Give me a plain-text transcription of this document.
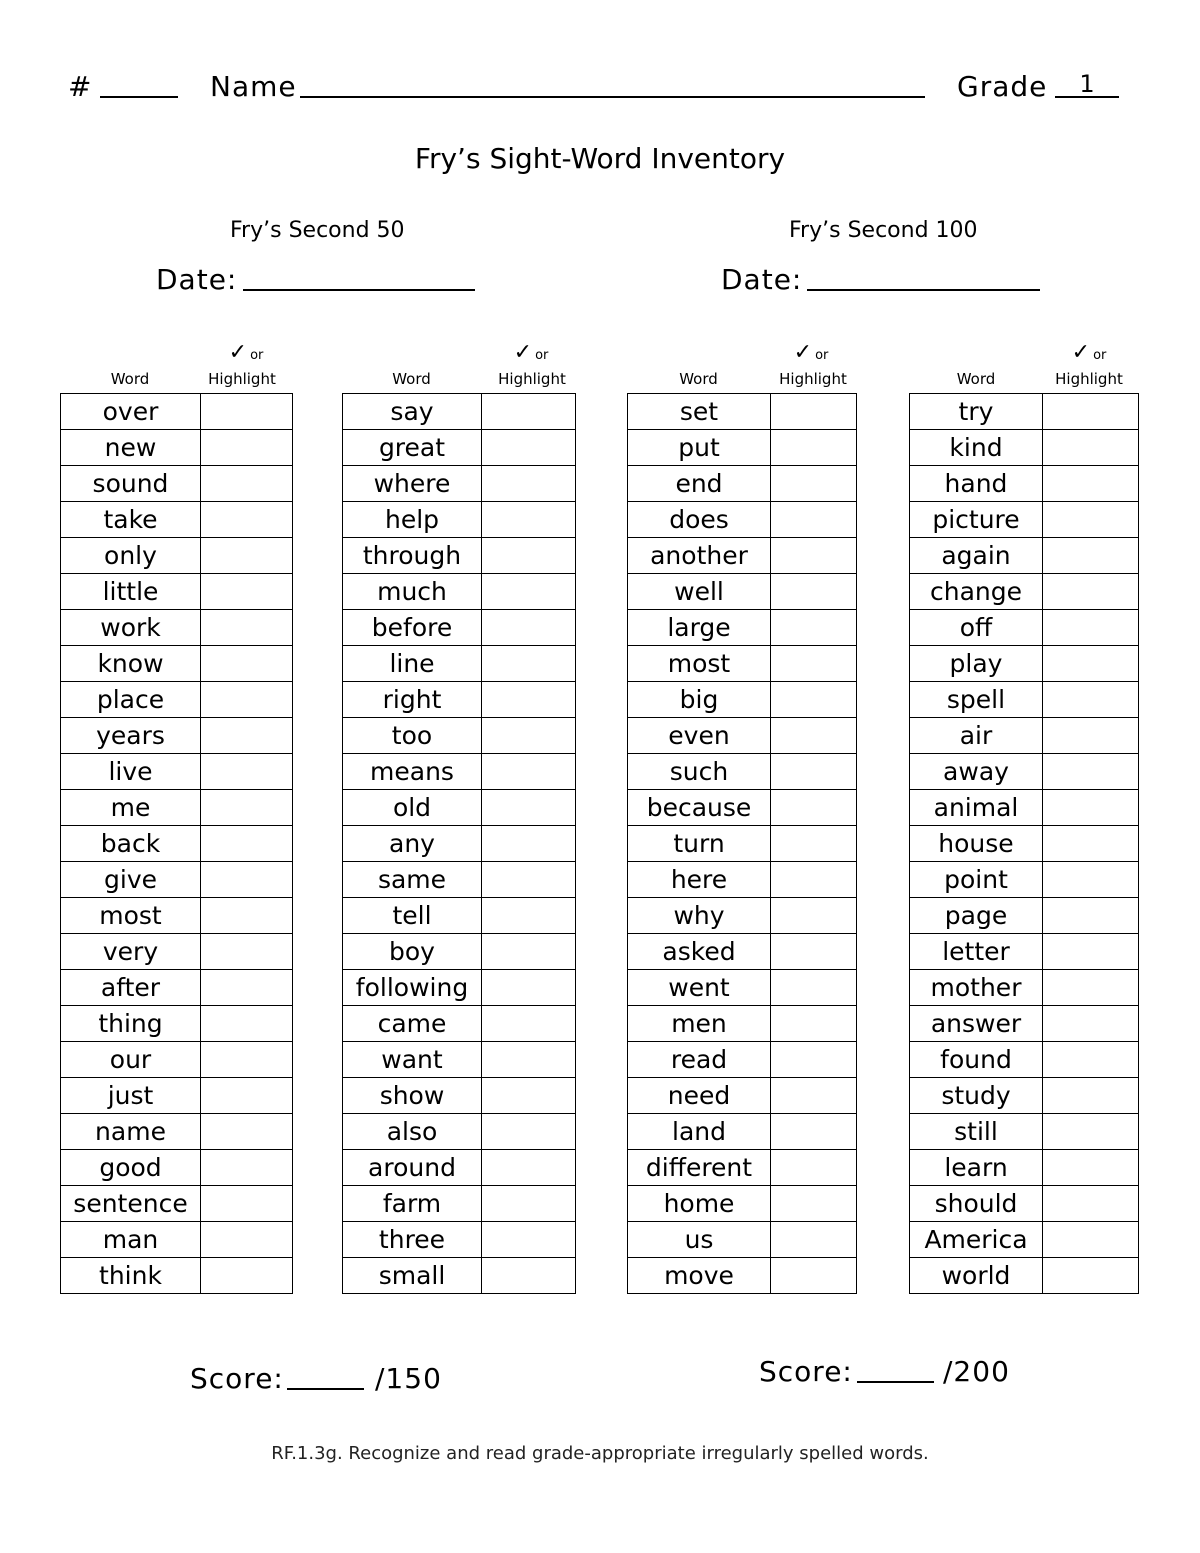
#	Name	Grade	1
Fry’s Sight-Word Inventory
Fry’s Second 50	Fry’s Second 100
Date:	Date:
Word
✓ or
Highlight	Word
✓ or
Highlight	Word
✓ or
Highlight	Word
✓ or
Highlight
over	
new	
sound	
take	
only	
little	
work	
know	
place	
years	
live	
me	
back	
give	
most	
very	
after	
thing	
our	
just	
name	
good	
sentence	
man	
think	
say	
great	
where	
help	
through	
much	
before	
line	
right	
too	
means	
old	
any	
same	
tell	
boy	
following	
came	
want	
show	
also	
around	
farm	
three	
small	
set	
put	
end	
does	
another	
well	
large	
most	
big	
even	
such	
because	
turn	
here	
why	
asked	
went	
men	
read	
need	
land	
different	
home	
us	
move	
try	
kind	
hand	
picture	
again	
change	
off	
play	
spell	
air	
away	
animal	
house	
point	
page	
letter	
mother	
answer	
found	
study	
still	
learn	
should	
America	
world	
Score:	/150	Score:	/200
RF.1.3g. Recognize and read grade-appropriate irregularly spelled words.
